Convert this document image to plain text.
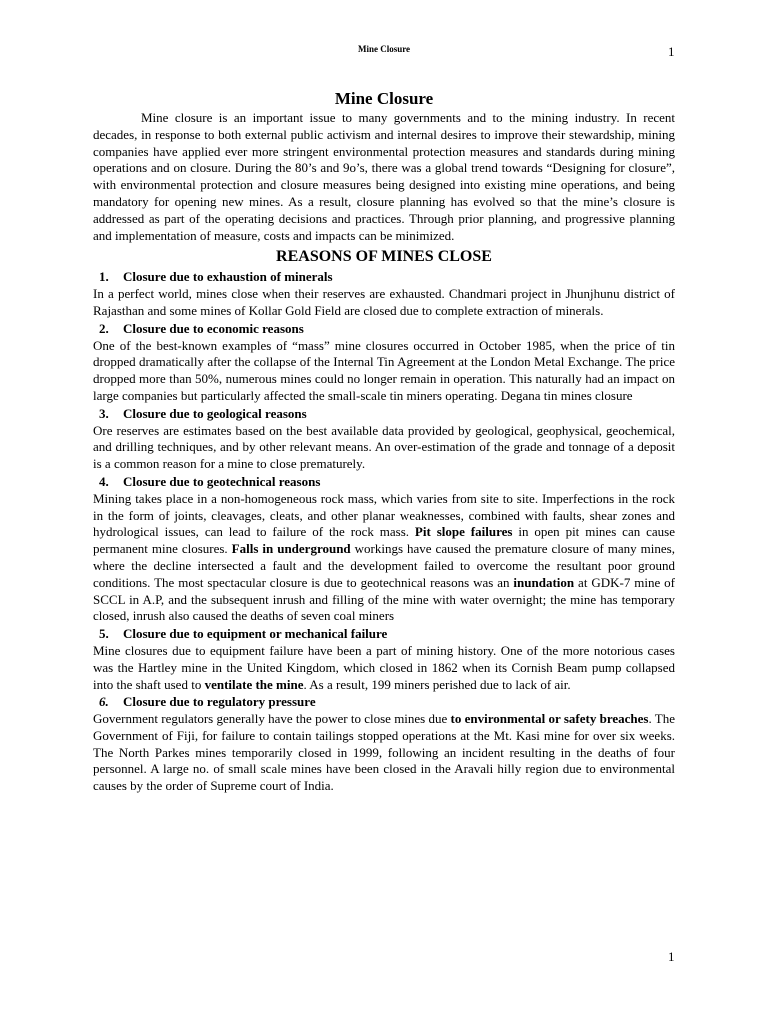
Mine Closure	1
Mine Closure

Mine closure is an important issue to many governments and to the mining industry. In recent decades, in response to both external public activism and internal desires to improve their stewardship, mining companies have applied ever more stringent environmental protection measures and standards during mining operations and on closure. During the 80’s and 9o’s, there was a global trend towards “Designing for closure”, with environmental protection and closure measures being designed into existing mine operations, and being mandatory for opening new mines. As a result, closure planning has evolved so that the mine’s closure is addressed as part of the operating decisions and practices. Through prior planning, and progressive planning and implementation of measure, costs and impacts can be minimized.

REASONS OF MINES CLOSE
1. Closure due to exhaustion of minerals

In a perfect world, mines close when their reserves are exhausted. Chandmari project in Jhunjhunu district of Rajasthan and some mines of Kollar Gold Field are closed due to complete extraction of minerals.

2. Closure due to economic reasons

One of the best-known examples of “mass” mine closures occurred in October 1985, when the price of tin dropped dramatically after the collapse of the Internal Tin Agreement at the London Metal Exchange. The price dropped more than 50%, numerous mines could no longer remain in operation. This naturally had an impact on large companies but particularly affected the small-scale tin miners operating. Degana tin mines closure

3. Closure due to geological reasons

Ore reserves are estimates based on the best available data provided by geological, geophysical, geochemical, and drilling techniques, and by other relevant means. An over-estimation of the grade and tonnage of a deposit is a common reason for a mine to close prematurely.

4. Closure due to geotechnical reasons

Mining takes place in a non-homogeneous rock mass, which varies from site to site. Imperfections in the rock in the form of joints, cleavages, cleats, and other planar weaknesses, combined with faults, shear zones and hydrological issues, can lead to failure of the rock mass. Pit slope failures in open pit mines can cause permanent mine closures. Falls in underground workings have caused the premature closure of many mines, where the decline intersected a fault and the development failed to overcome the resultant poor ground conditions. The most spectacular closure is due to geotechnical reasons was an inundation at GDK-7 mine of SCCL in A.P, and the subsequent inrush and filling of the mine with water overnight; the mine has temporary closed, inrush also caused the deaths of seven coal miners

5. Closure due to equipment or mechanical failure

Mine closures due to equipment failure have been a part of mining history. One of the more notorious cases was the Hartley mine in the United Kingdom, which closed in 1862 when its Cornish Beam pump collapsed into the shaft used to ventilate the mine. As a result, 199 miners perished due to lack of air.

6. Closure due to regulatory pressure

Government regulators generally have the power to close mines due to environmental or safety breaches. The Government of Fiji, for failure to contain tailings stopped operations at the Mt. Kasi mine for over six weeks. The North Parkes mines temporarily closed in 1999, following an incident resulting in the deaths of four personnel. A large no. of small scale mines have been closed in the Aravali hilly region due to environmental causes by the order of Supreme court of India.

1
